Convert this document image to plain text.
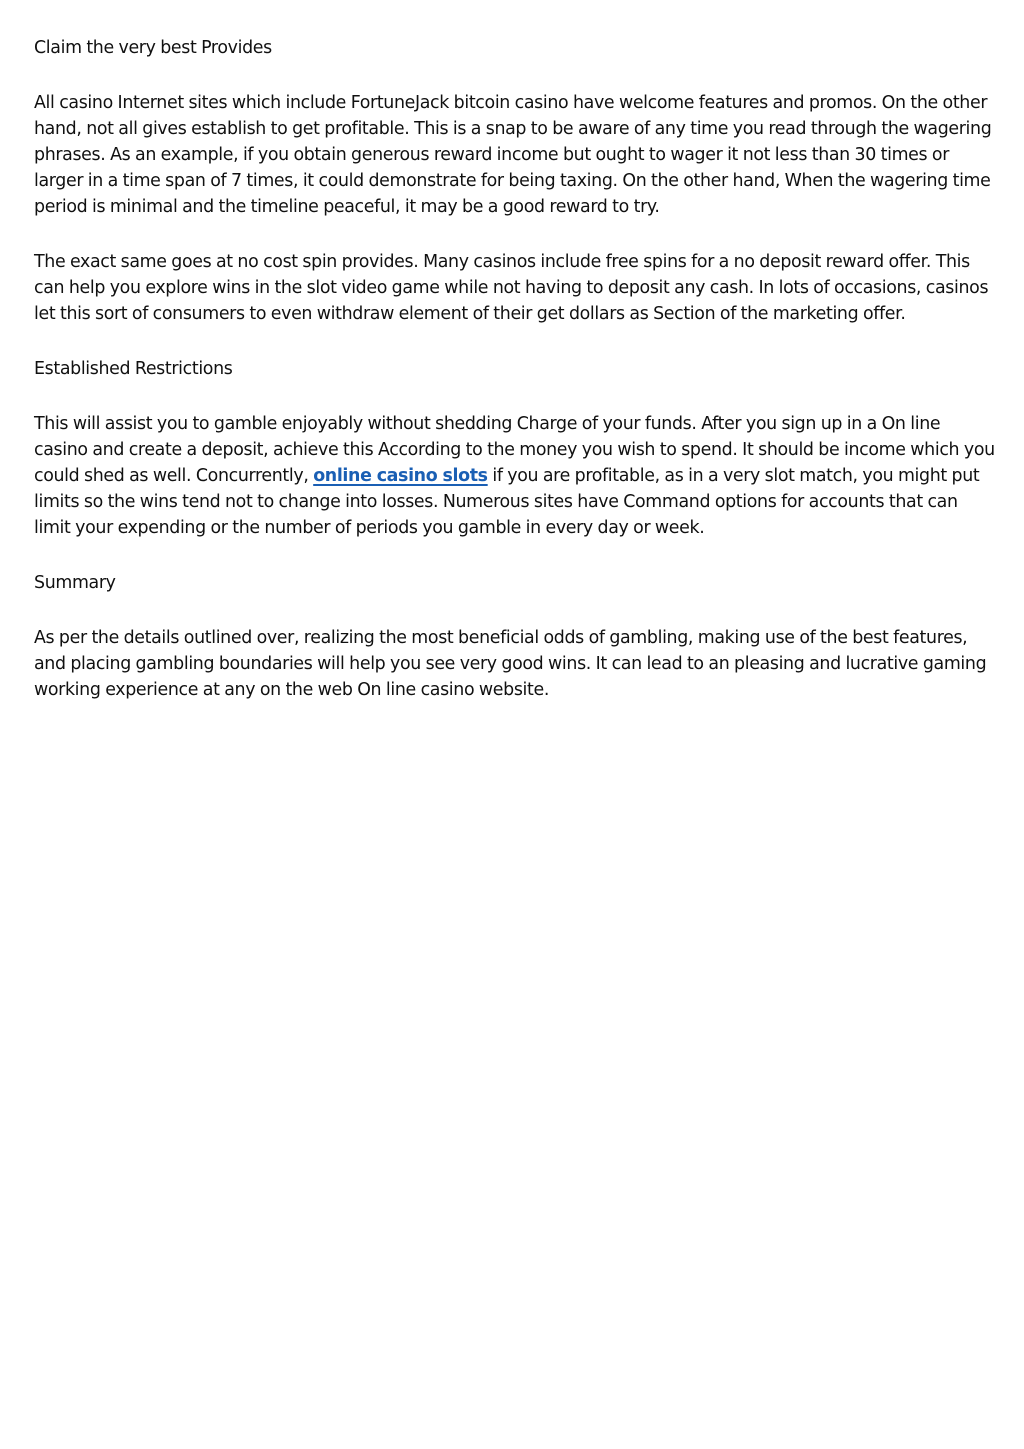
Claim the very best Provides

All casino Internet sites which include FortuneJack bitcoin casino have welcome features and promos. On the other hand, not all gives establish to get profitable. This is a snap to be aware of any time you read through the wagering phrases. As an example, if you obtain generous reward income but ought to wager it not less than 30 times or larger in a time span of 7 times, it could demonstrate for being taxing. On the other hand, When the wagering time period is minimal and the timeline peaceful, it may be a good reward to try.

The exact same goes at no cost spin provides. Many casinos include free spins for a no deposit reward offer. This can help you explore wins in the slot video game while not having to deposit any cash. In lots of occasions, casinos let this sort of consumers to even withdraw element of their get dollars as Section of the marketing offer.

Established Restrictions

This will assist you to gamble enjoyably without shedding Charge of your funds. After you sign up in a On line casino and create a deposit, achieve this According to the money you wish to spend. It should be income which you could shed as well. Concurrently, online casino slots if you are profitable, as in a very slot match, you might put limits so the wins tend not to change into losses. Numerous sites have Command options for accounts that can limit your expending or the number of periods you gamble in every day or week.

Summary

As per the details outlined over, realizing the most beneficial odds of gambling, making use of the best features, and placing gambling boundaries will help you see very good wins. It can lead to an pleasing and lucrative gaming working experience at any on the web On line casino website.
